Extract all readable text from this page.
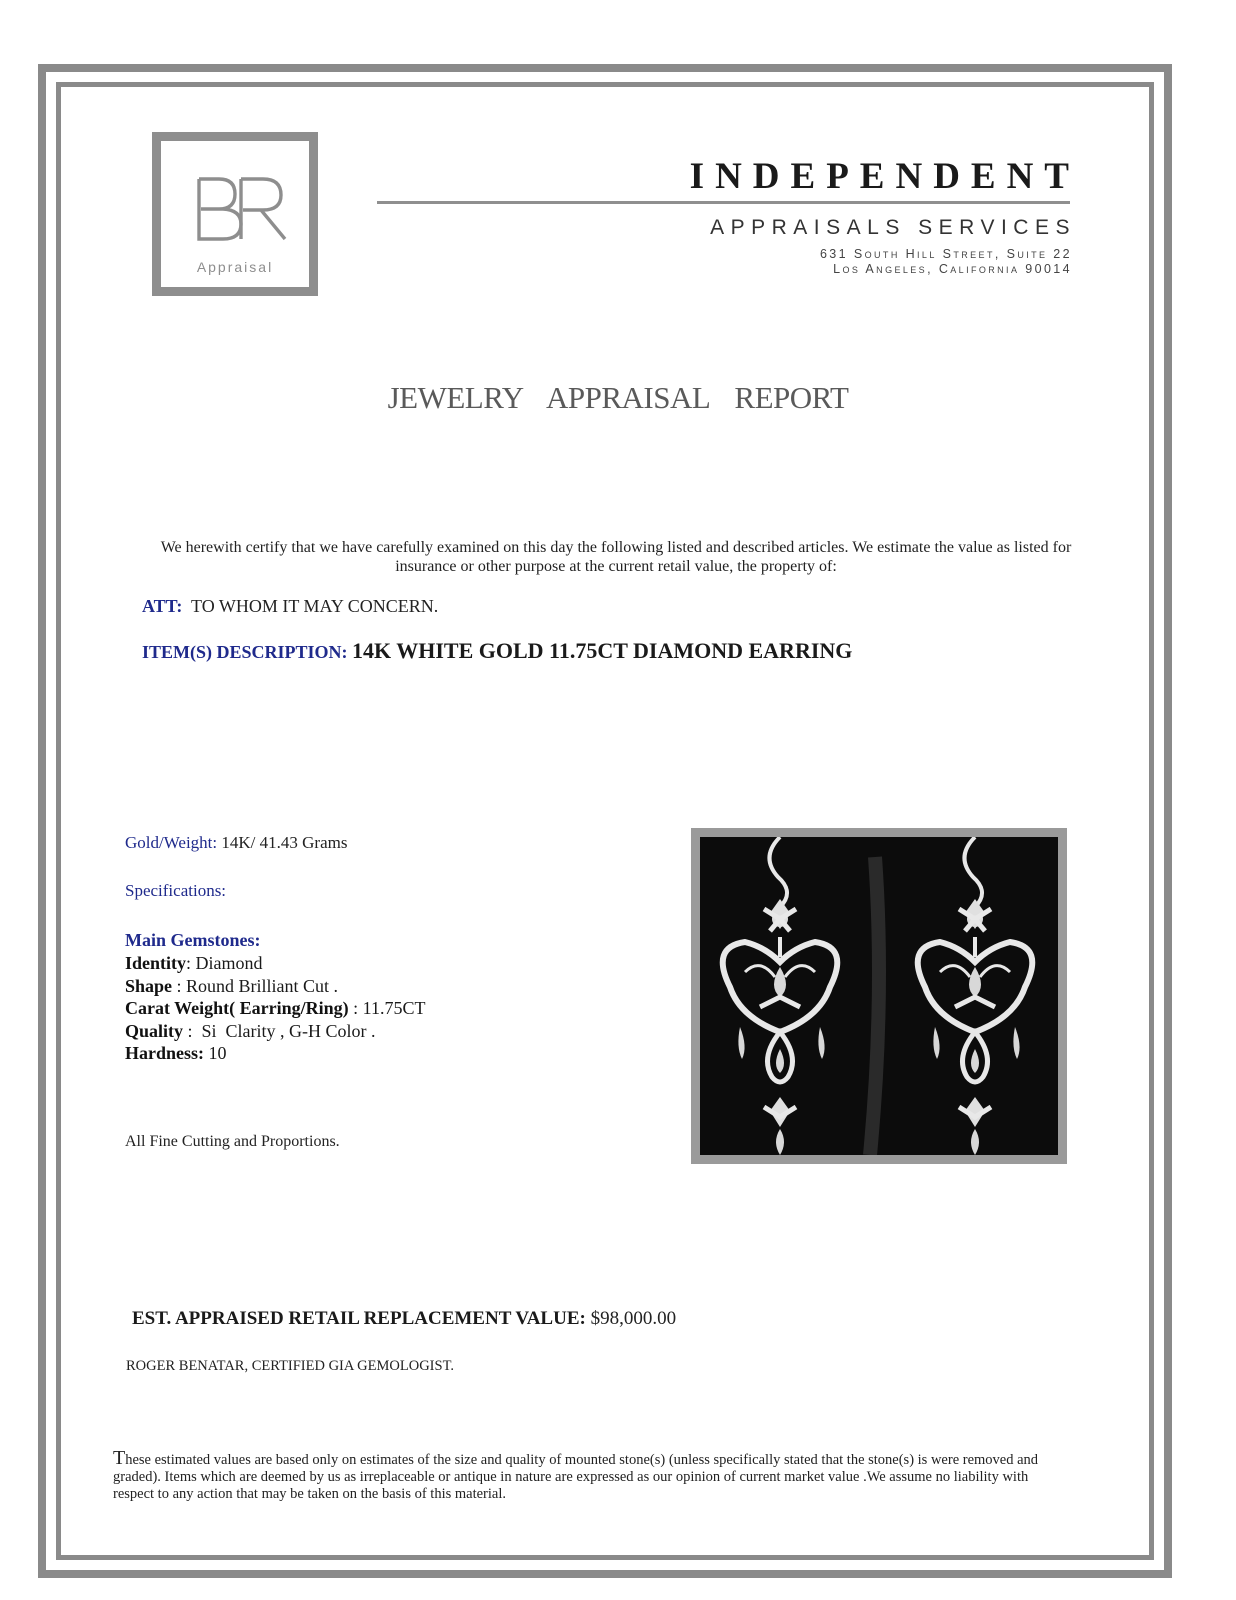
Appraisal
INDEPENDENT
APPRAISALS SERVICES
631 South Hill Street, Suite 22
Los Angeles, California 90014
JEWELRY APPRAISAL REPORT
We herewith certify that we have carefully examined on this day the following listed and described articles. We estimate the value as listed for insurance or other purpose at the current retail value, the property of:
ATT: TO WHOM IT MAY CONCERN.
ITEM(S) DESCRIPTION: 14K WHITE GOLD 11.75CT DIAMOND EARRING
Gold/Weight: 14K/ 41.43 Grams
Specifications:
Main Gemstones:
Identity: Diamond
Shape : Round Brilliant Cut .
Carat Weight( Earring/Ring) : 11.75CT
Quality :  Si  Clarity , G-H Color .
Hardness: 10
All Fine Cutting and Proportions.
EST. APPRAISED RETAIL REPLACEMENT VALUE: $98,000.00
ROGER BENATAR, CERTIFIED GIA GEMOLOGIST.
These estimated values are based only on estimates of the size and quality of mounted stone(s) (unless specifically stated that the stone(s) is were removed and graded). Items which are deemed by us as irreplaceable or antique in nature are expressed as our opinion of current market value .We assume no liability with respect to any action that may be taken on the basis of this material.
